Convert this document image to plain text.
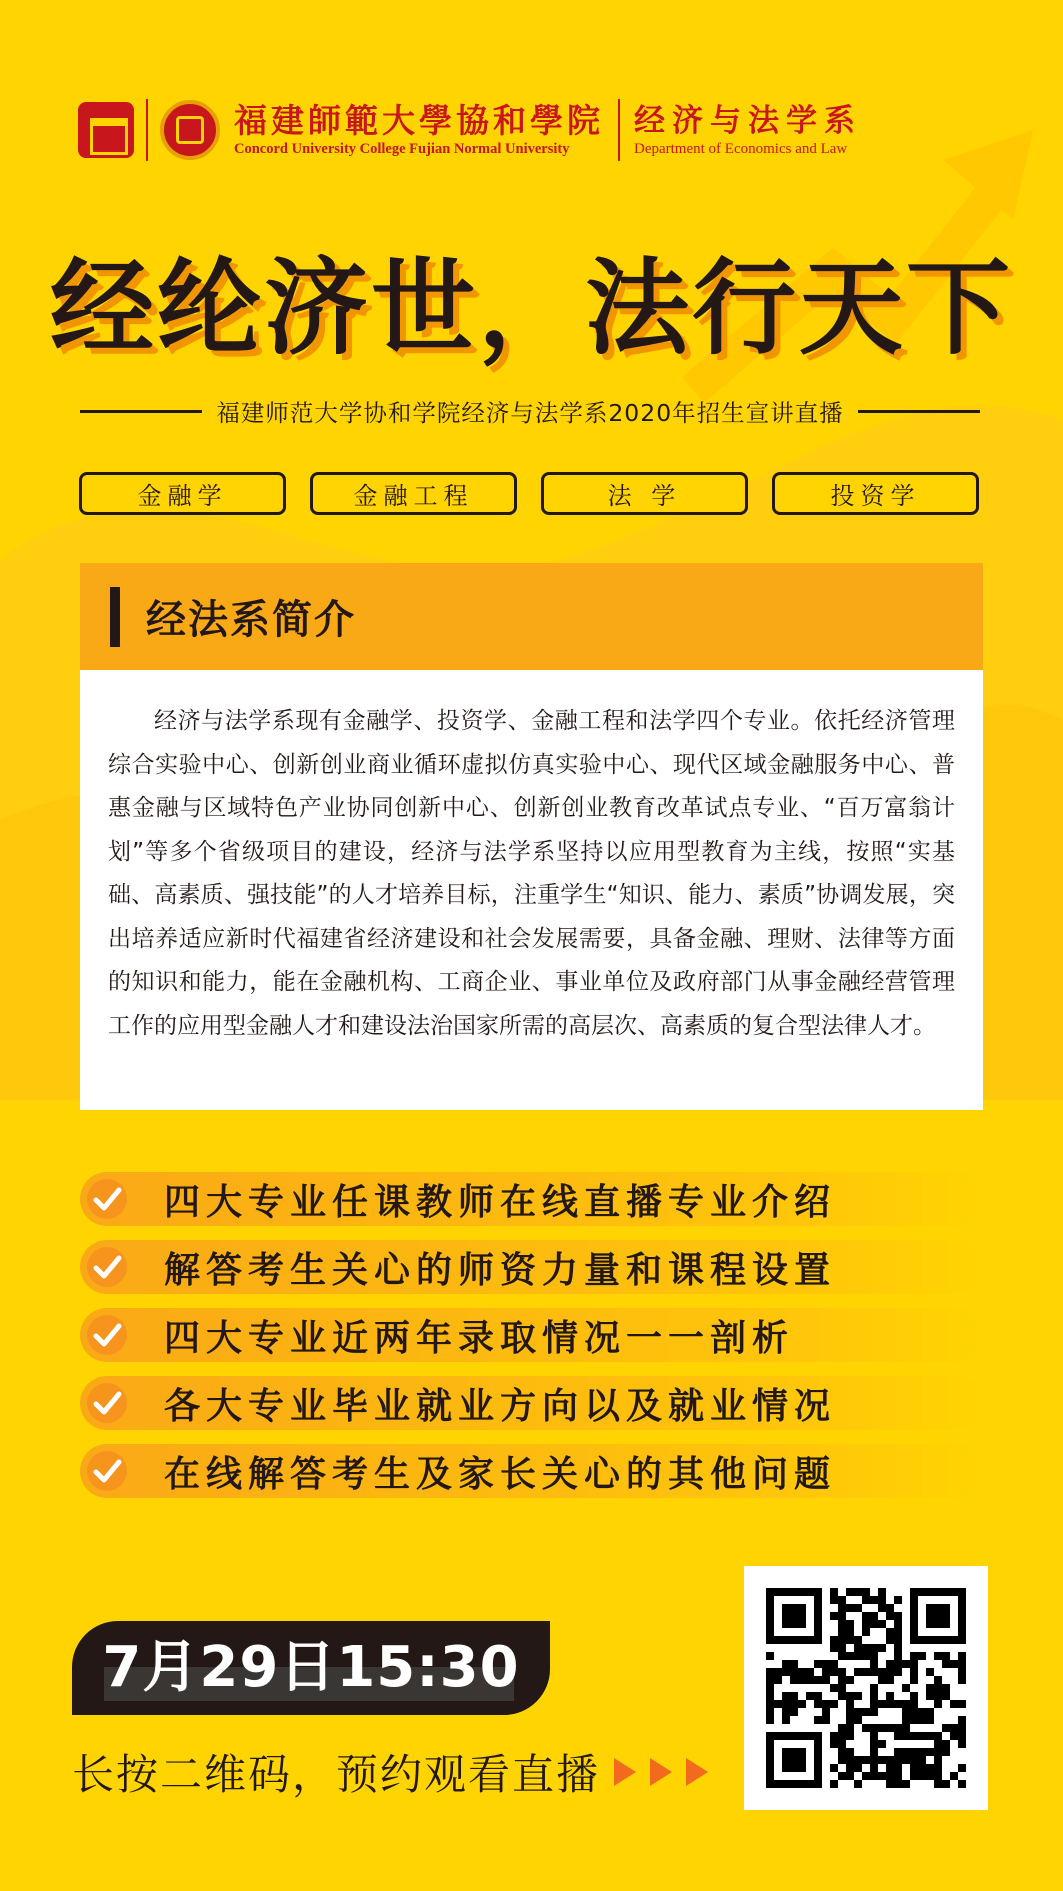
福建師範大學協和學院
Concord University College Fujian Normal University
经济与法学系
Department of Economics and Law
经纶济世，法行天下
福建师范大学协和学院经济与法学系2020年招生宣讲直播
金融学	金融工程	法 学	投资学
经法系简介

经济与法学系现有金融学、投资学、金融工程和法学四个专业。依托经济管理综合实验中心、创新创业商业循环虚拟仿真实验中心、现代区域金融服务中心、普惠金融与区域特色产业协同创新中心、创新创业教育改革试点专业、“百万富翁计划”等多个省级项目的建设，经济与法学系坚持以应用型教育为主线，按照“实基础、高素质、强技能”的人才培养目标，注重学生“知识、能力、素质”协调发展，突出培养适应新时代福建省经济建设和社会发展需要，具备金融、理财、法律等方面的知识和能力，能在金融机构、工商企业、事业单位及政府部门从事金融经营管理工作的应用型金融人才和建设法治国家所需的高层次、高素质的复合型法律人才。

四大专业任课教师在线直播专业介绍
解答考生关心的师资力量和课程设置
四大专业近两年录取情况一一剖析
各大专业毕业就业方向以及就业情况
在线解答考生及家长关心的其他问题
7月29日15:30
长按二维码，预约观看直播
